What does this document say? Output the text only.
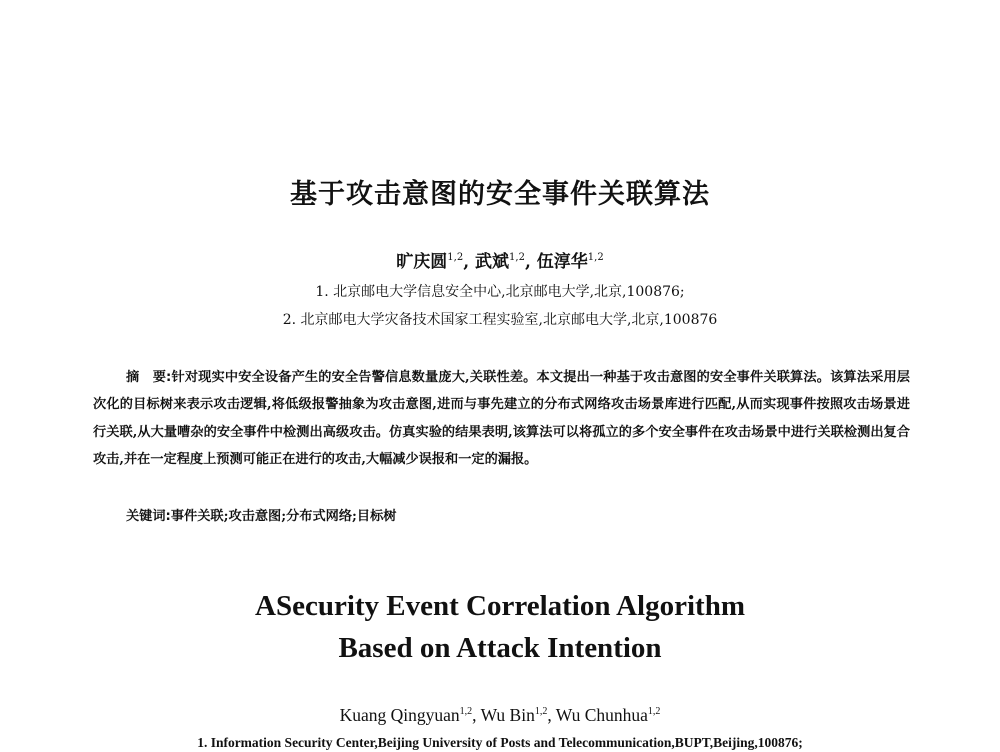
基于攻击意图的安全事件关联算法
旷庆圆$^{1,2}$, 武斌$^{1,2}$, 伍淳华$^{1,2}$
1. 北京邮电大学信息安全中心,北京邮电大学,北京,100876;
2. 北京邮电大学灾备技术国家工程实验室,北京邮电大学,北京,100876
摘　要:针对现实中安全设备产生的安全告警信息数量庞大,关联性差。本文提出一种基于攻击意图的安全事件关联算法。该算法采用层次化的目标树来表示攻击逻辑,将低级报警抽象为攻击意图,进而与事先建立的分布式网络攻击场景库进行匹配,从而实现事件按照攻击场景进行关联,从大量嘈杂的安全事件中检测出高级攻击。仿真实验的结果表明,该算法可以将孤立的多个安全事件在攻击场景中进行关联检测出复合攻击,并在一定程度上预测可能正在进行的攻击,大幅减少误报和一定的漏报。
关键词:事件关联;攻击意图;分布式网络;目标树
ASecurity Event Correlation Algorithm
Based on Attack Intention
Kuang Qingyuan$^{1,2}$, Wu Bin$^{1,2}$, Wu Chunhua$^{1,2}$
1. Information Security Center,Beijing University of Posts and Telecommunication,BUPT,Beijing,100876;
